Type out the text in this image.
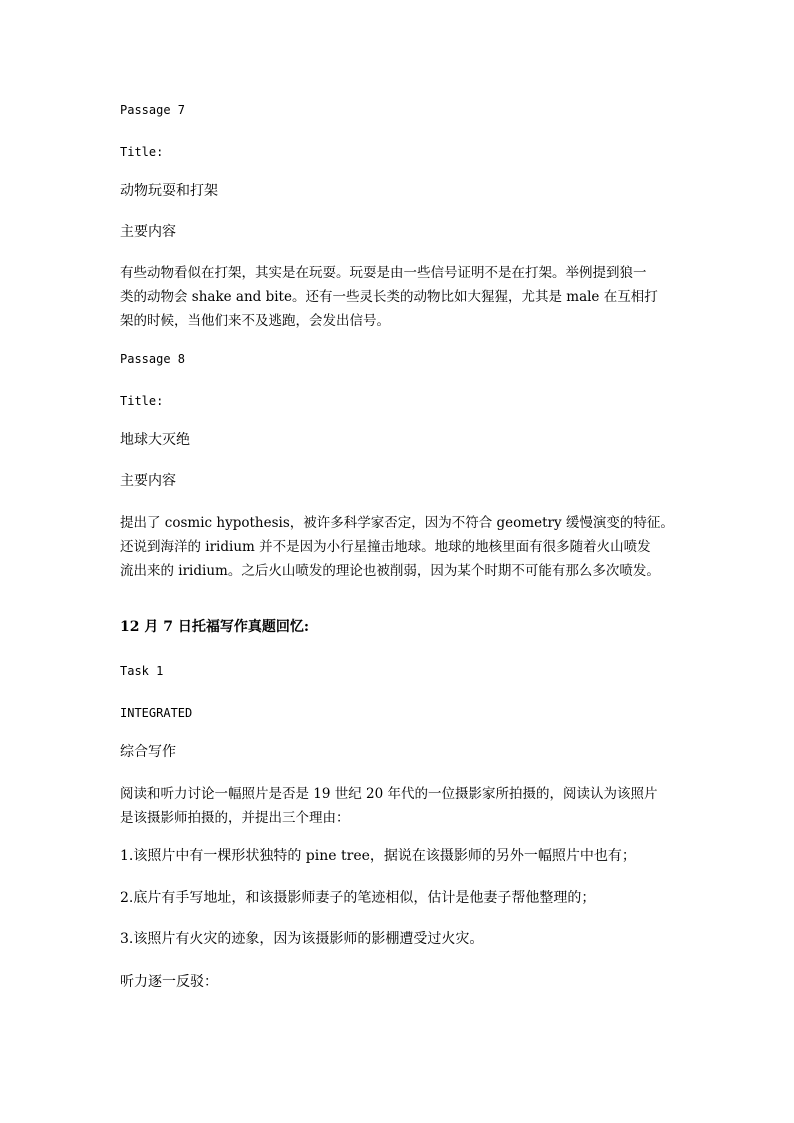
Passage 7

Title:

动物玩耍和打架

主要内容

有些动物看似在打架，其实是在玩耍。玩耍是由一些信号证明不是在打架。举例提到狼一

类的动物会 shake and bite。还有一些灵长类的动物比如大猩猩，尤其是 male 在互相打

架的时候，当他们来不及逃跑，会发出信号。

Passage 8

Title:

地球大灭绝

主要内容

提出了 cosmic hypothesis，被许多科学家否定，因为不符合 geometry 缓慢演变的特征。

还说到海洋的 iridium 并不是因为小行星撞击地球。地球的地核里面有很多随着火山喷发

流出来的 iridium。之后火山喷发的理论也被削弱，因为某个时期不可能有那么多次喷发。

12 月 7 日托福写作真题回忆:

Task 1

INTEGRATED

综合写作

阅读和听力讨论一幅照片是否是 19 世纪 20 年代的一位摄影家所拍摄的，阅读认为该照片

是该摄影师拍摄的，并提出三个理由：

1.该照片中有一棵形状独特的 pine tree，据说在该摄影师的另外一幅照片中也有；

2.底片有手写地址，和该摄影师妻子的笔迹相似，估计是他妻子帮他整理的；

3.该照片有火灾的迹象，因为该摄影师的影棚遭受过火灾。

听力逐一反驳：
